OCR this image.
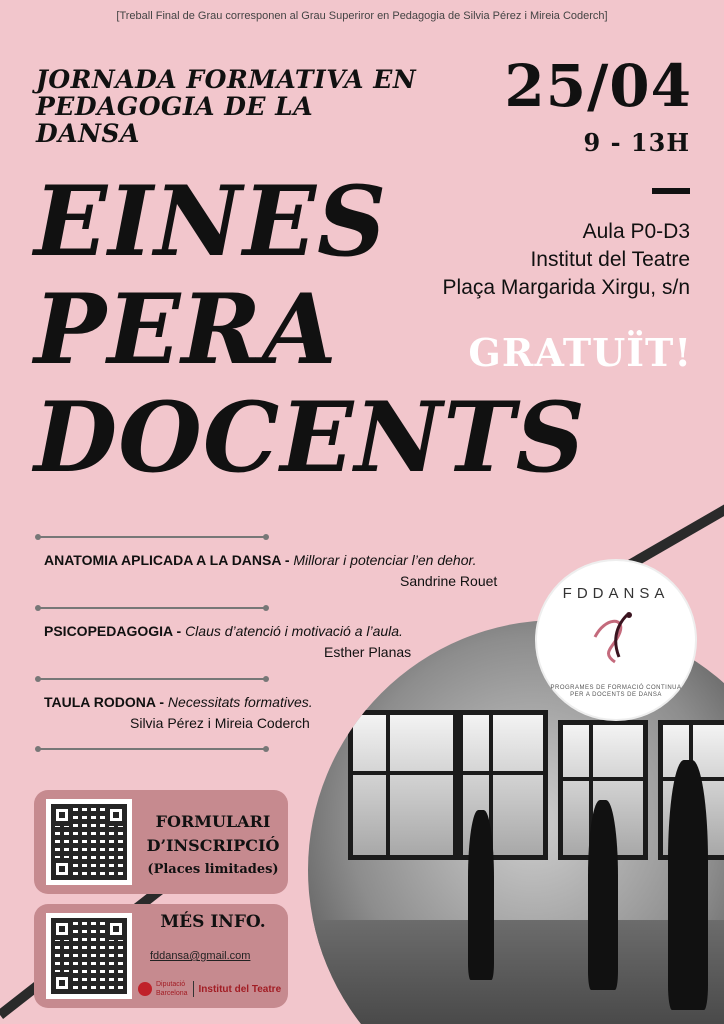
[Treball Final de Grau corresponen al Grau Superiror en Pedagogia de Silvia Pérez i Mireia Coderch]
JORNADA FORMATIVA EN
PEDAGOGIA DE LA DANSA
25/04
9 - 13H
Aula P0-D3
Institut del Teatre
Plaça Margarida Xirgu, s/n
EINES
PERA
DOCENTS
GRATUÏT!
FDDANSA
PROGRAMES DE FORMACIÓ CONTINUA PER A DOCENTS DE DANSA
ANATOMIA APLICADA A LA DANSA - Millorar i potenciar l’en dehor.
Sandrine Rouet
PSICOPEDAGOGIA - Claus d’atenció i motivació a l’aula.
Esther Planas
TAULA RODONA - Necessitats formatives.
Silvia Pérez i Mireia Coderch
FORMULARI
D’INSCRIPCIÓ
(Places limitades)
MÉS INFO.
fddansa@gmail.com
Diputació
Barcelona Institut del Teatre
